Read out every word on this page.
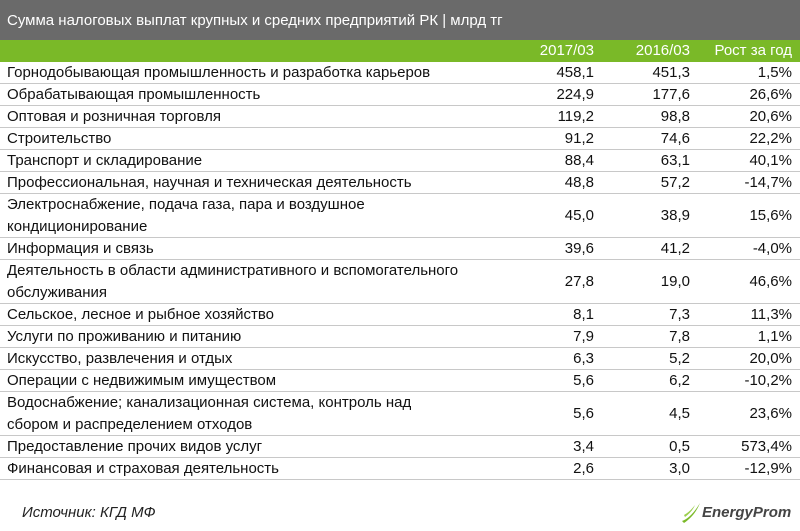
Сумма налоговых выплат крупных и средних предприятий РК | млрд тг
2017/03	2016/03	Рост за год
Горнодобывающая промышленность и разработка карьеров	458,1	451,3	1,5%
Обрабатывающая промышленность	224,9	177,6	26,6%
Оптовая и розничная торговля	119,2	98,8	20,6%
Строительство	91,2	74,6	22,2%
Транспорт и складирование	88,4	63,1	40,1%
Профессиональная, научная и техническая деятельность	48,8	57,2	-14,7%
Электроснабжение, подача газа, пара и воздушное
кондиционирование
45,0	38,9	15,6%
Информация и связь	39,6	41,2	-4,0%
Деятельность в области административного и вспомогательного
обслуживания
27,8	19,0	46,6%
Сельское, лесное и рыбное хозяйство	8,1	7,3	11,3%
Услуги по проживанию и питанию	7,9	7,8	1,1%
Искусство, развлечения и отдых	6,3	5,2	20,0%
Операции с недвижимым имуществом	5,6	6,2	-10,2%
Водоснабжение; канализационная система, контроль над
сбором и распределением отходов
5,6	4,5	23,6%
Предоставление прочих видов услуг	3,4	0,5	573,4%
Финансовая и страховая деятельность	2,6	3,0	-12,9%
Источник: КГД МФ	EnergyProm
